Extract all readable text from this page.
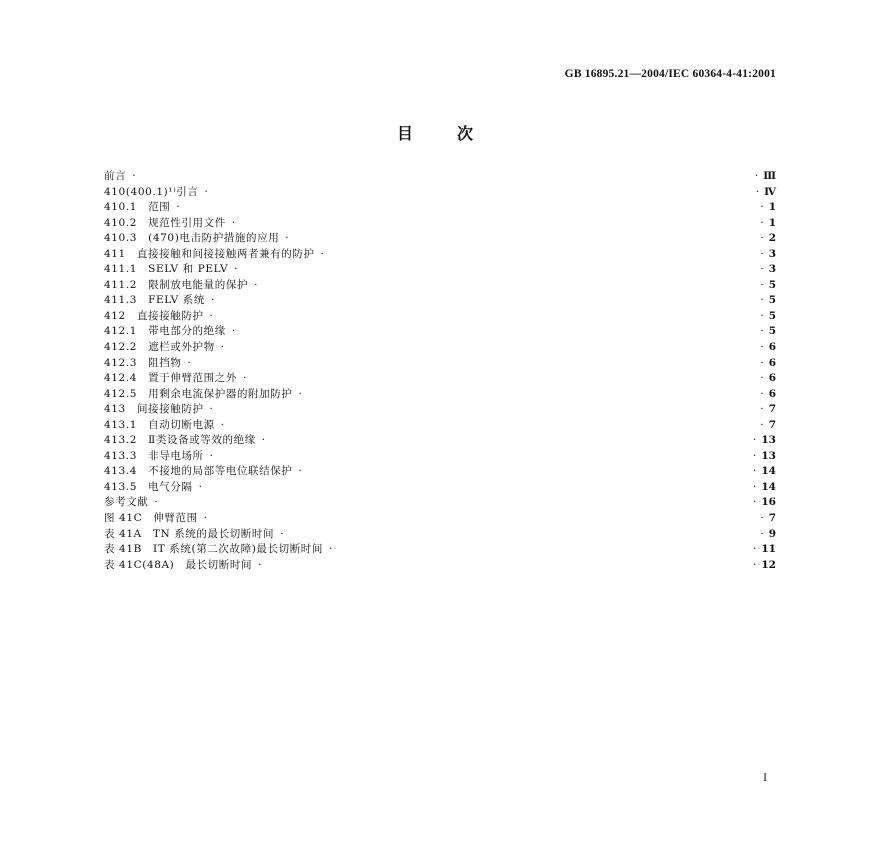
GB 16895.21—2004/IEC 60364-4-41:2001
目次
前言 ·	· Ⅲ
410(400.1)¹⁾引言 ·	· Ⅳ
410.1　范围 ·	· 1
410.2　规范性引用文件 ·	· 1
410.3　(470)电击防护措施的应用 ·	· 2
411　直接接触和间接接触两者兼有的防护 ·	· 3
411.1　SELV 和 PELV ·	· 3
411.2　限制放电能量的保护 ·	· 5
411.3　FELV 系统 ·	· 5
412　直接接触防护 ·	· 5
412.1　带电部分的绝缘 ·	· 5
412.2　遮栏或外护物 ·	· 6
412.3　阻挡物 ·	· 6
412.4　置于伸臂范围之外 ·	· 6
412.5　用剩余电流保护器的附加防护 ·	· 6
413　间接接触防护 ·	· 7
413.1　自动切断电源 ·	· 7
413.2　Ⅱ类设备或等效的绝缘 ·	· 13
413.3　非导电场所 ·	· 13
413.4　不接地的局部等电位联结保护 ·	· 14
413.5　电气分隔 ·	· 14
参考文献 ·	· 16
图 41C　伸臂范围 ·	· 7
表 41A　TN 系统的最长切断时间 ·	· 9
表 41B　IT 系统(第二次故障)最长切断时间 ·	· 11
表 41C(48A)　最长切断时间 ·	· 12
I
